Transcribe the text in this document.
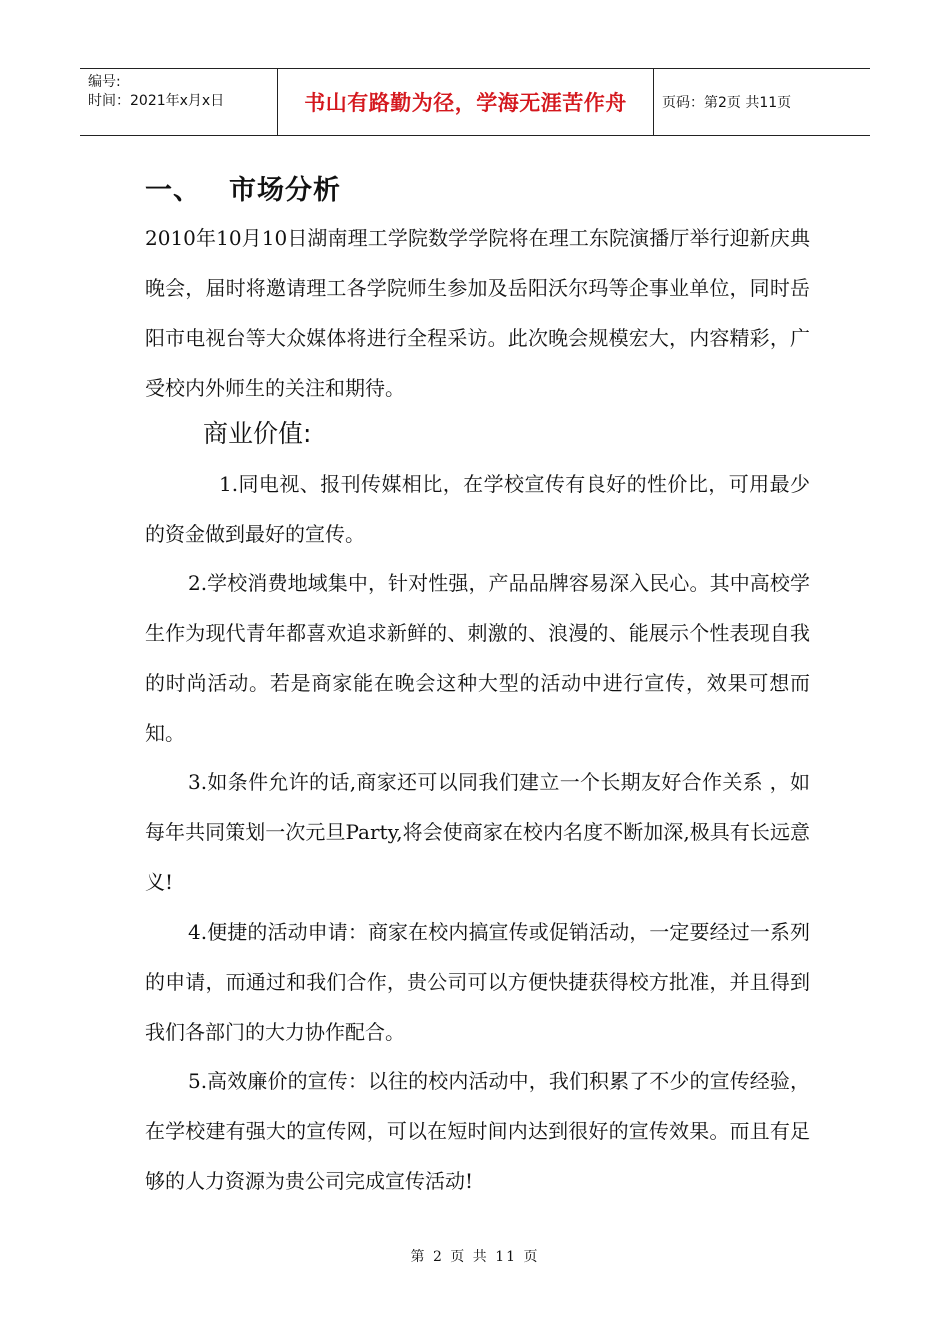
编号:
时间：2021年x月x日	书山有路勤为径，学海无涯苦作舟	页码：第2页 共11页
一、 市场分析

2010年10月10日湖南理工学院数学学院将在理工东院演播厅举行迎新庆典晚会，届时将邀请理工各学院师生参加及岳阳沃尔玛等企事业单位，同时岳阳市电视台等大众媒体将进行全程采访。此次晚会规模宏大，内容精彩，广受校内外师生的关注和期待。

商业价值:

1.同电视、报刊传媒相比，在学校宣传有良好的性价比，可用最少的资金做到最好的宣传。

2.学校消费地域集中，针对性强，产品品牌容易深入民心。其中高校学生作为现代青年都喜欢追求新鲜的、刺激的、浪漫的、能展示个性表现自我的时尚活动。若是商家能在晚会这种大型的活动中进行宣传，效果可想而知。

3.如条件允许的话,商家还可以同我们建立一个长期友好合作关系 ，如每年共同策划一次元旦Party,将会使商家在校内名度不断加深,极具有长远意义!

4.便捷的活动申请：商家在校内搞宣传或促销活动，一定要经过一系列的申请，而通过和我们合作，贵公司可以方便快捷获得校方批准，并且得到我们各部门的大力协作配合。

5.高效廉价的宣传：以往的校内活动中，我们积累了不少的宣传经验，在学校建有强大的宣传网，可以在短时间内达到很好的宣传效果。而且有足够的人力资源为贵公司完成宣传活动!

第 2 页 共 11 页
